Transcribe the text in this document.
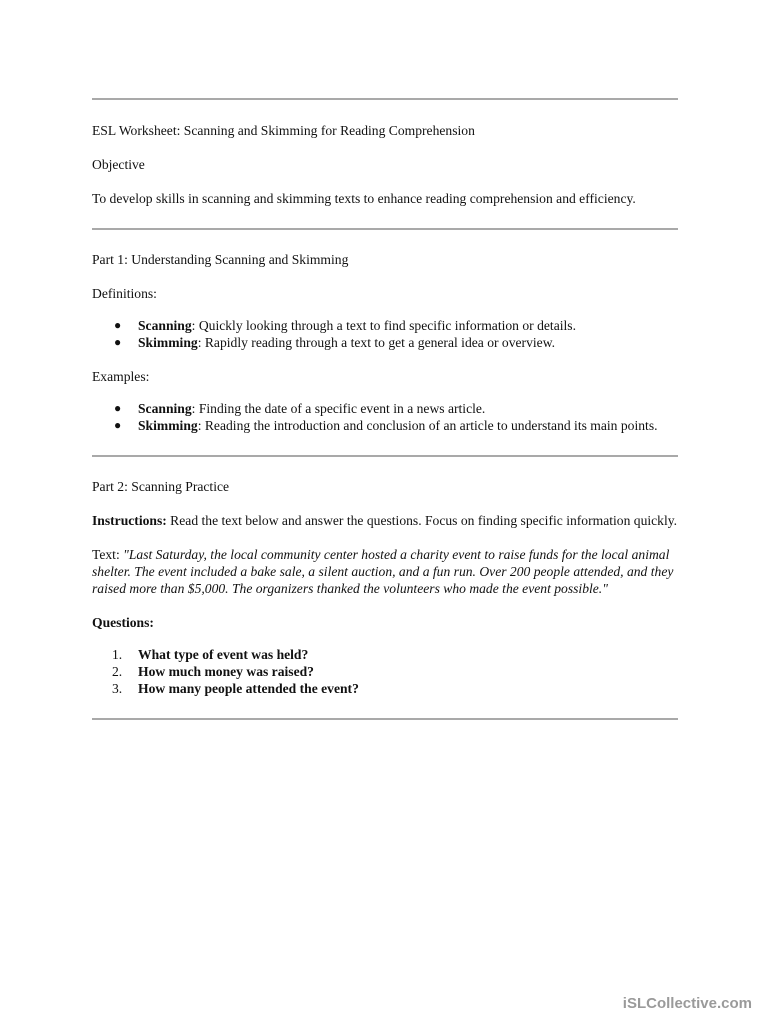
ESL Worksheet: Scanning and Skimming for Reading Comprehension

Objective

To develop skills in scanning and skimming texts to enhance reading comprehension and efficiency.

Part 1: Understanding Scanning and Skimming

Definitions:

● Scanning: Quickly looking through a text to find specific information or details.
● Skimming: Rapidly reading through a text to get a general idea or overview.

Examples:

● Scanning: Finding the date of a specific event in a news article.
● Skimming: Reading the introduction and conclusion of an article to understand its main points.

Part 2: Scanning Practice

Instructions: Read the text below and answer the questions. Focus on finding specific information quickly.

Text: "Last Saturday, the local community center hosted a charity event to raise funds for the local animal shelter. The event included a bake sale, a silent auction, and a fun run. Over 200 people attended, and they raised more than $5,000. The organizers thanked the volunteers who made the event possible."

Questions:

1. What type of event was held?
2. How much money was raised?
3. How many people attended the event?
iSLCollective.com
